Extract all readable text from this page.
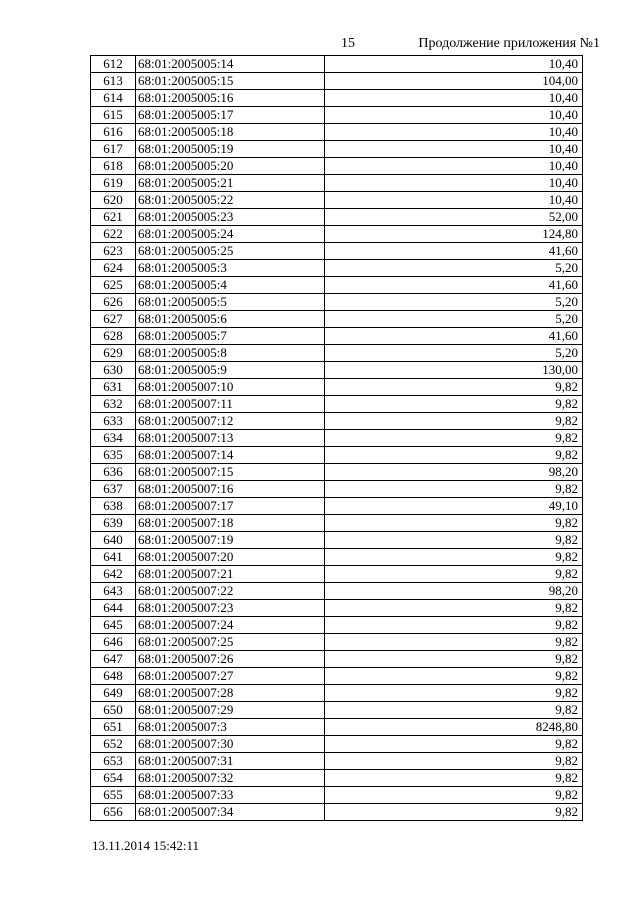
15	Продолжение приложения №1
612	68:01:2005005:14	10,40
613	68:01:2005005:15	104,00
614	68:01:2005005:16	10,40
615	68:01:2005005:17	10,40
616	68:01:2005005:18	10,40
617	68:01:2005005:19	10,40
618	68:01:2005005:20	10,40
619	68:01:2005005:21	10,40
620	68:01:2005005:22	10,40
621	68:01:2005005:23	52,00
622	68:01:2005005:24	124,80
623	68:01:2005005:25	41,60
624	68:01:2005005:3	5,20
625	68:01:2005005:4	41,60
626	68:01:2005005:5	5,20
627	68:01:2005005:6	5,20
628	68:01:2005005:7	41,60
629	68:01:2005005:8	5,20
630	68:01:2005005:9	130,00
631	68:01:2005007:10	9,82
632	68:01:2005007:11	9,82
633	68:01:2005007:12	9,82
634	68:01:2005007:13	9,82
635	68:01:2005007:14	9,82
636	68:01:2005007:15	98,20
637	68:01:2005007:16	9,82
638	68:01:2005007:17	49,10
639	68:01:2005007:18	9,82
640	68:01:2005007:19	9,82
641	68:01:2005007:20	9,82
642	68:01:2005007:21	9,82
643	68:01:2005007:22	98,20
644	68:01:2005007:23	9,82
645	68:01:2005007:24	9,82
646	68:01:2005007:25	9,82
647	68:01:2005007:26	9,82
648	68:01:2005007:27	9,82
649	68:01:2005007:28	9,82
650	68:01:2005007:29	9,82
651	68:01:2005007:3	8248,80
652	68:01:2005007:30	9,82
653	68:01:2005007:31	9,82
654	68:01:2005007:32	9,82
655	68:01:2005007:33	9,82
656	68:01:2005007:34	9,82
13.11.2014 15:42:11
